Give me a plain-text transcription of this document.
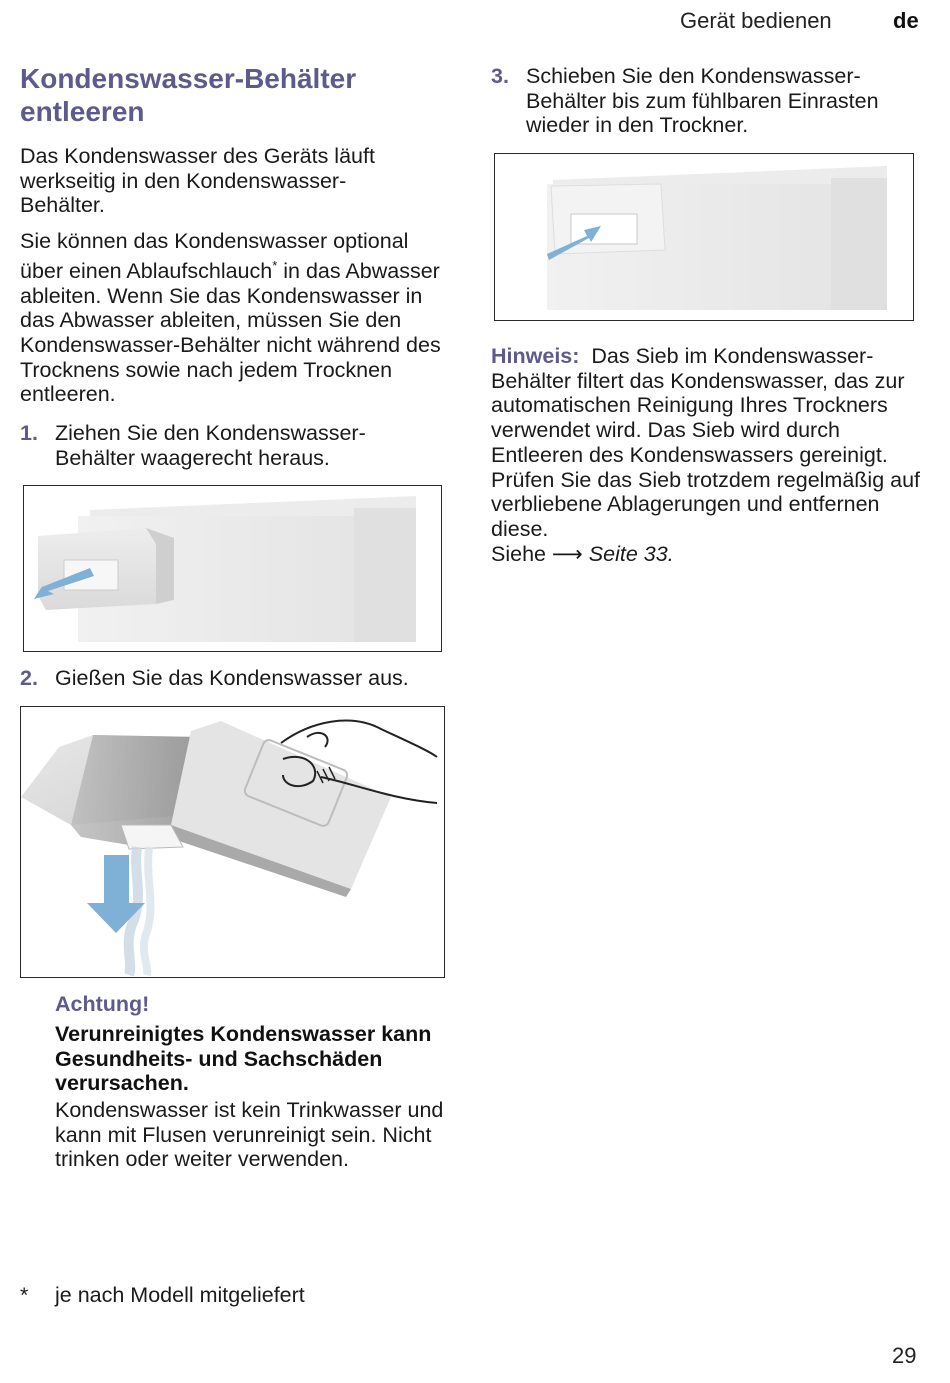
Gerät bedienen	de
Kondenswasser-Behälter entleeren
Das Kondenswasser des Geräts läuft werkseitig in den Kondenswasser-Behälter.
Sie können das Kondenswasser optional über einen Ablaufschlauch* in das Abwasser ableiten. Wenn Sie das Kondenswasser in das Abwasser ableiten, müssen Sie den Kondenswasser-Behälter nicht während des Trocknens sowie nach jedem Trocknen entleeren.
1. Ziehen Sie den Kondenswasser-Behälter waagerecht heraus.
2. Gießen Sie das Kondenswasser aus.
Achtung!
Verunreinigtes Kondenswasser kann Gesundheits- und Sachschäden verursachen.
Kondenswasser ist kein Trinkwasser und kann mit Flusen verunreinigt sein. Nicht trinken oder weiter verwenden.
* je nach Modell mitgeliefert
3. Schieben Sie den Kondenswasser-Behälter bis zum fühlbaren Einrasten wieder in den Trockner.
Hinweis: Das Sieb im Kondenswasser-Behälter filtert das Kondenswasser, das zur automatischen Reinigung Ihres Trockners verwendet wird. Das Sieb wird durch Entleeren des Kondenswassers gereinigt. Prüfen Sie das Sieb trotzdem regelmäßig auf verbliebene Ablagerungen und entfernen diese.
Siehe ⟶ Seite 33.
29
